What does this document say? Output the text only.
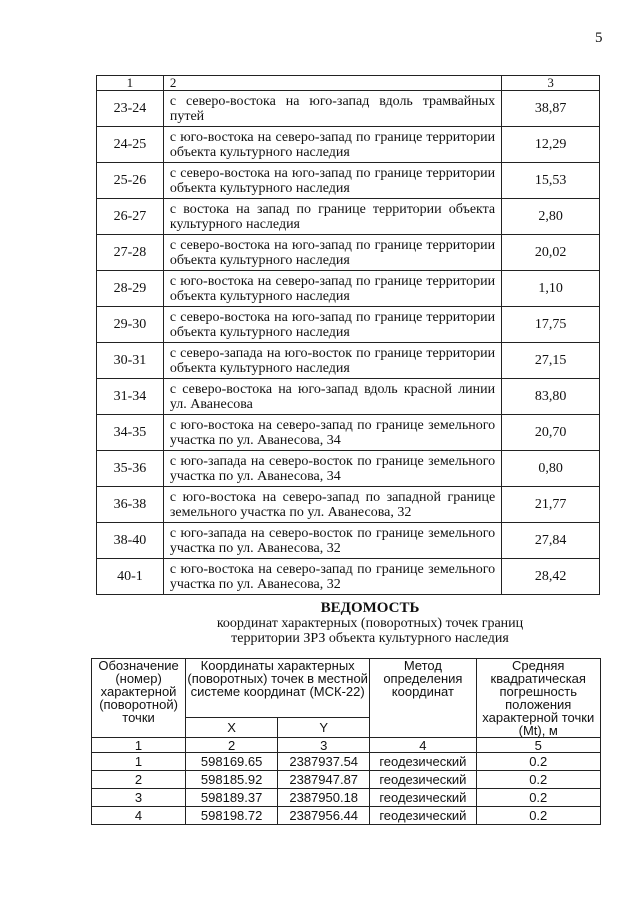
5
1	2	3
23-24	с северо-востока на юго-запад вдоль трамвайных путей	38,87
24-25	с юго-востока на северо-запад по границе территории объекта культурного наследия	12,29
25-26	с северо-востока на юго-запад по границе территории объекта культурного наследия	15,53
26-27	с востока на запад по границе территории объекта культурного наследия	2,80
27-28	с северо-востока на юго-запад по границе территории объекта культурного наследия	20,02
28-29	с юго-востока на северо-запад по границе территории объекта культурного наследия	1,10
29-30	с северо-востока на юго-запад по границе территории объекта культурного наследия	17,75
30-31	с северо-запада на юго-восток по границе территории объекта культурного наследия	27,15
31-34	с северо-востока на юго-запад вдоль красной линии ул. Аванесова	83,80
34-35	с юго-востока на северо-запад по границе земельного участка по ул. Аванесова, 34	20,70
35-36	с юго-запада на северо-восток по границе земельного участка по ул. Аванесова, 34	0,80
36-38	с юго-востока на северо-запад по западной границе земельного участка по ул. Аванесова, 32	21,77
38-40	с юго-запада на северо-восток по границе земельного участка по ул. Аванесова, 32	27,84
40-1	с юго-востока на северо-запад по границе земельного участка по ул. Аванесова, 32	28,42
ВЕДОМОСТЬ
координат характерных (поворотных) точек границ
территории ЗРЗ объекта культурного наследия
Обозначение (номер) характерной (поворотной) точки	Координаты характерных (поворотных) точек в местной системе координат (МСК-22)		Метод определения координат	Средняя квадратическая погрешность положения характерной точки (Mt), м
	X	Y		
1	2	3	4	5
1	598169.65	2387937.54	геодезический	0.2
2	598185.92	2387947.87	геодезический	0.2
3	598189.37	2387950.18	геодезический	0.2
4	598198.72	2387956.44	геодезический	0.2
